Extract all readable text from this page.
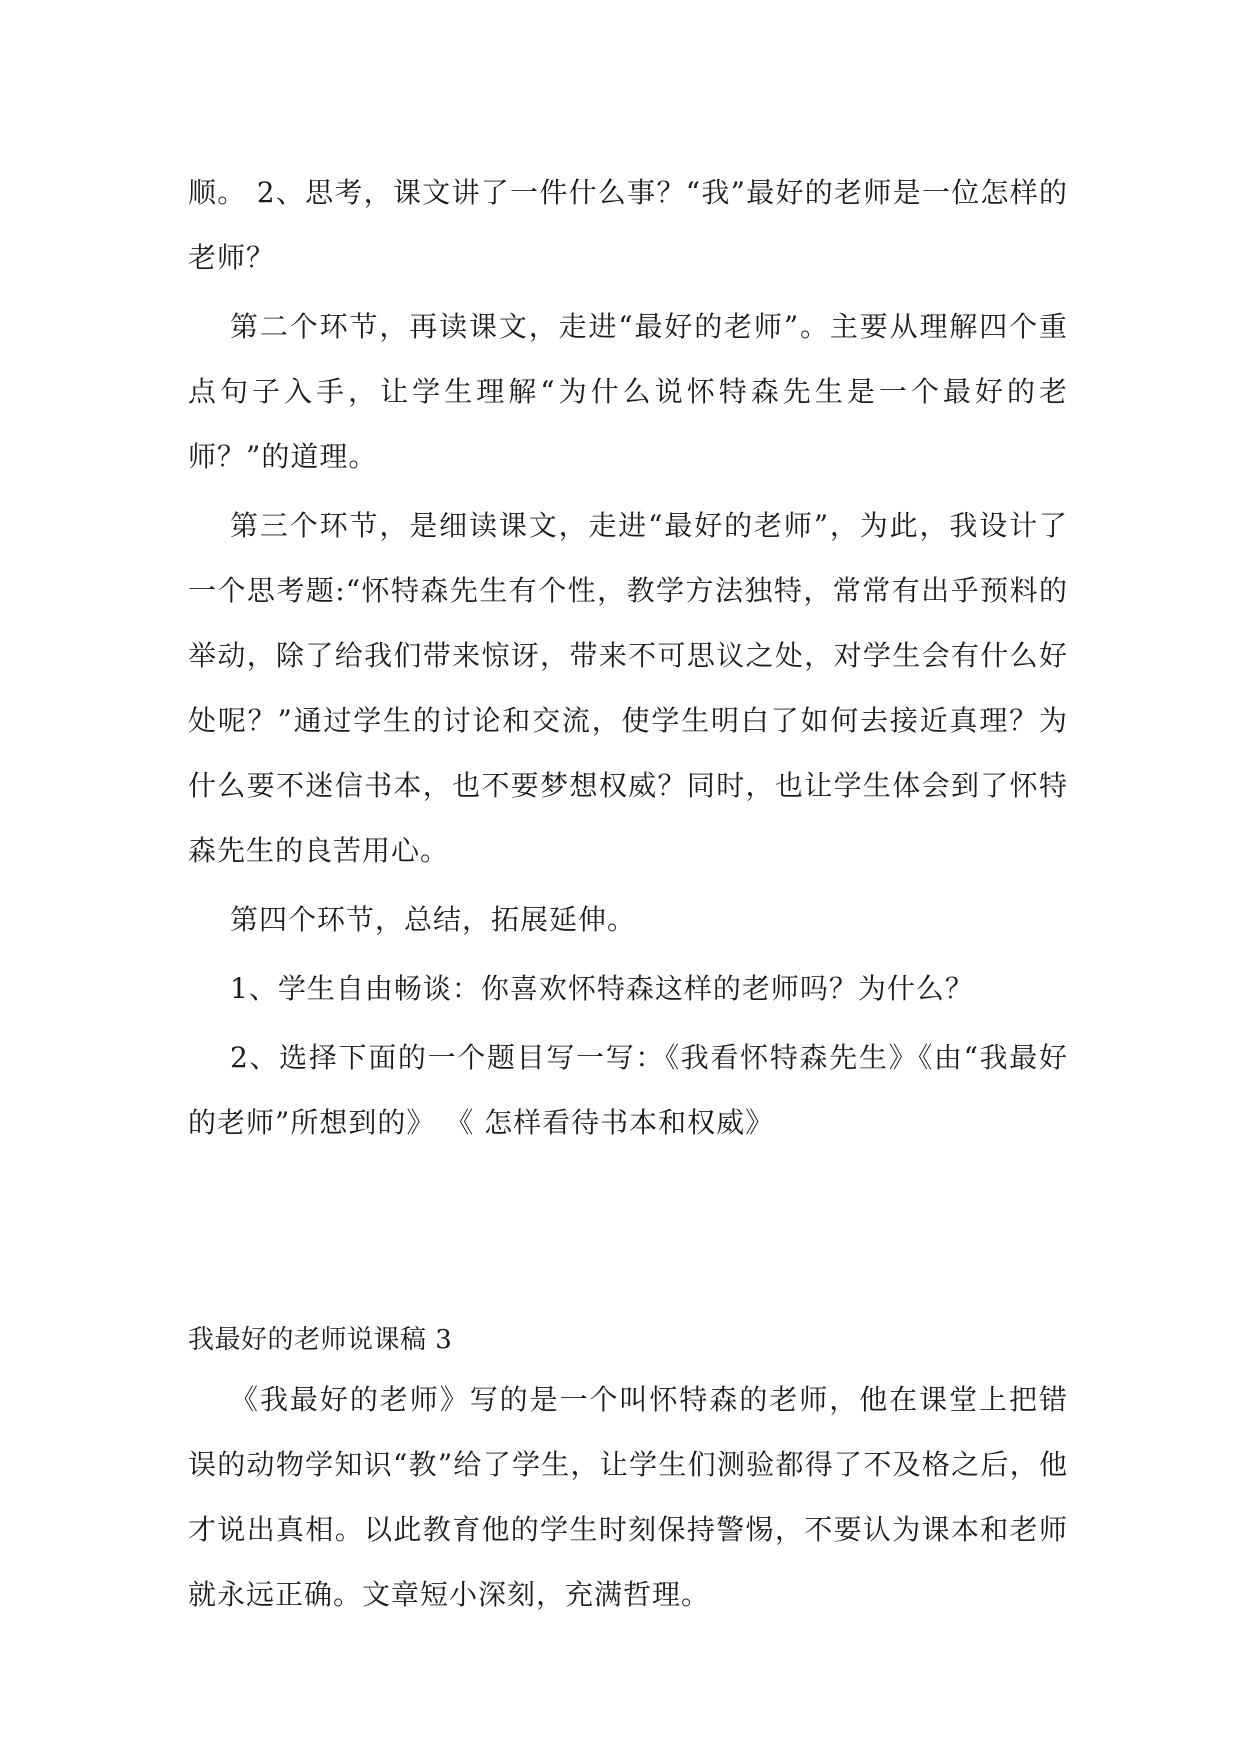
顺。 2、思考，课文讲了一件什么事？“我”最好的老师是一位怎样的老师？

第二个环节，再读课文，走进“最好的老师”。主要从理解四个重点句子入手，让学生理解“为什么说怀特森先生是一个最好的老师？”的道理。

第三个环节，是细读课文，走进“最好的老师”，为此，我设计了一个思考题:“怀特森先生有个性，教学方法独特，常常有出乎预料的举动，除了给我们带来惊讶，带来不可思议之处，对学生会有什么好处呢？”通过学生的讨论和交流，使学生明白了如何去接近真理？为什么要不迷信书本，也不要梦想权威？同时，也让学生体会到了怀特森先生的良苦用心。

第四个环节，总结，拓展延伸。

1、学生自由畅谈：你喜欢怀特森这样的老师吗？为什么？

2、选择下面的一个题目写一写：《我看怀特森先生》《由“我最好的老师”所想到的》 《 怎样看待书本和权威》

我最好的老师说课稿 3

《我最好的老师》写的是一个叫怀特森的老师，他在课堂上把错误的动物学知识“教”给了学生，让学生们测验都得了不及格之后，他才说出真相。以此教育他的学生时刻保持警惕，不要认为课本和老师就永远正确。文章短小深刻，充满哲理。
